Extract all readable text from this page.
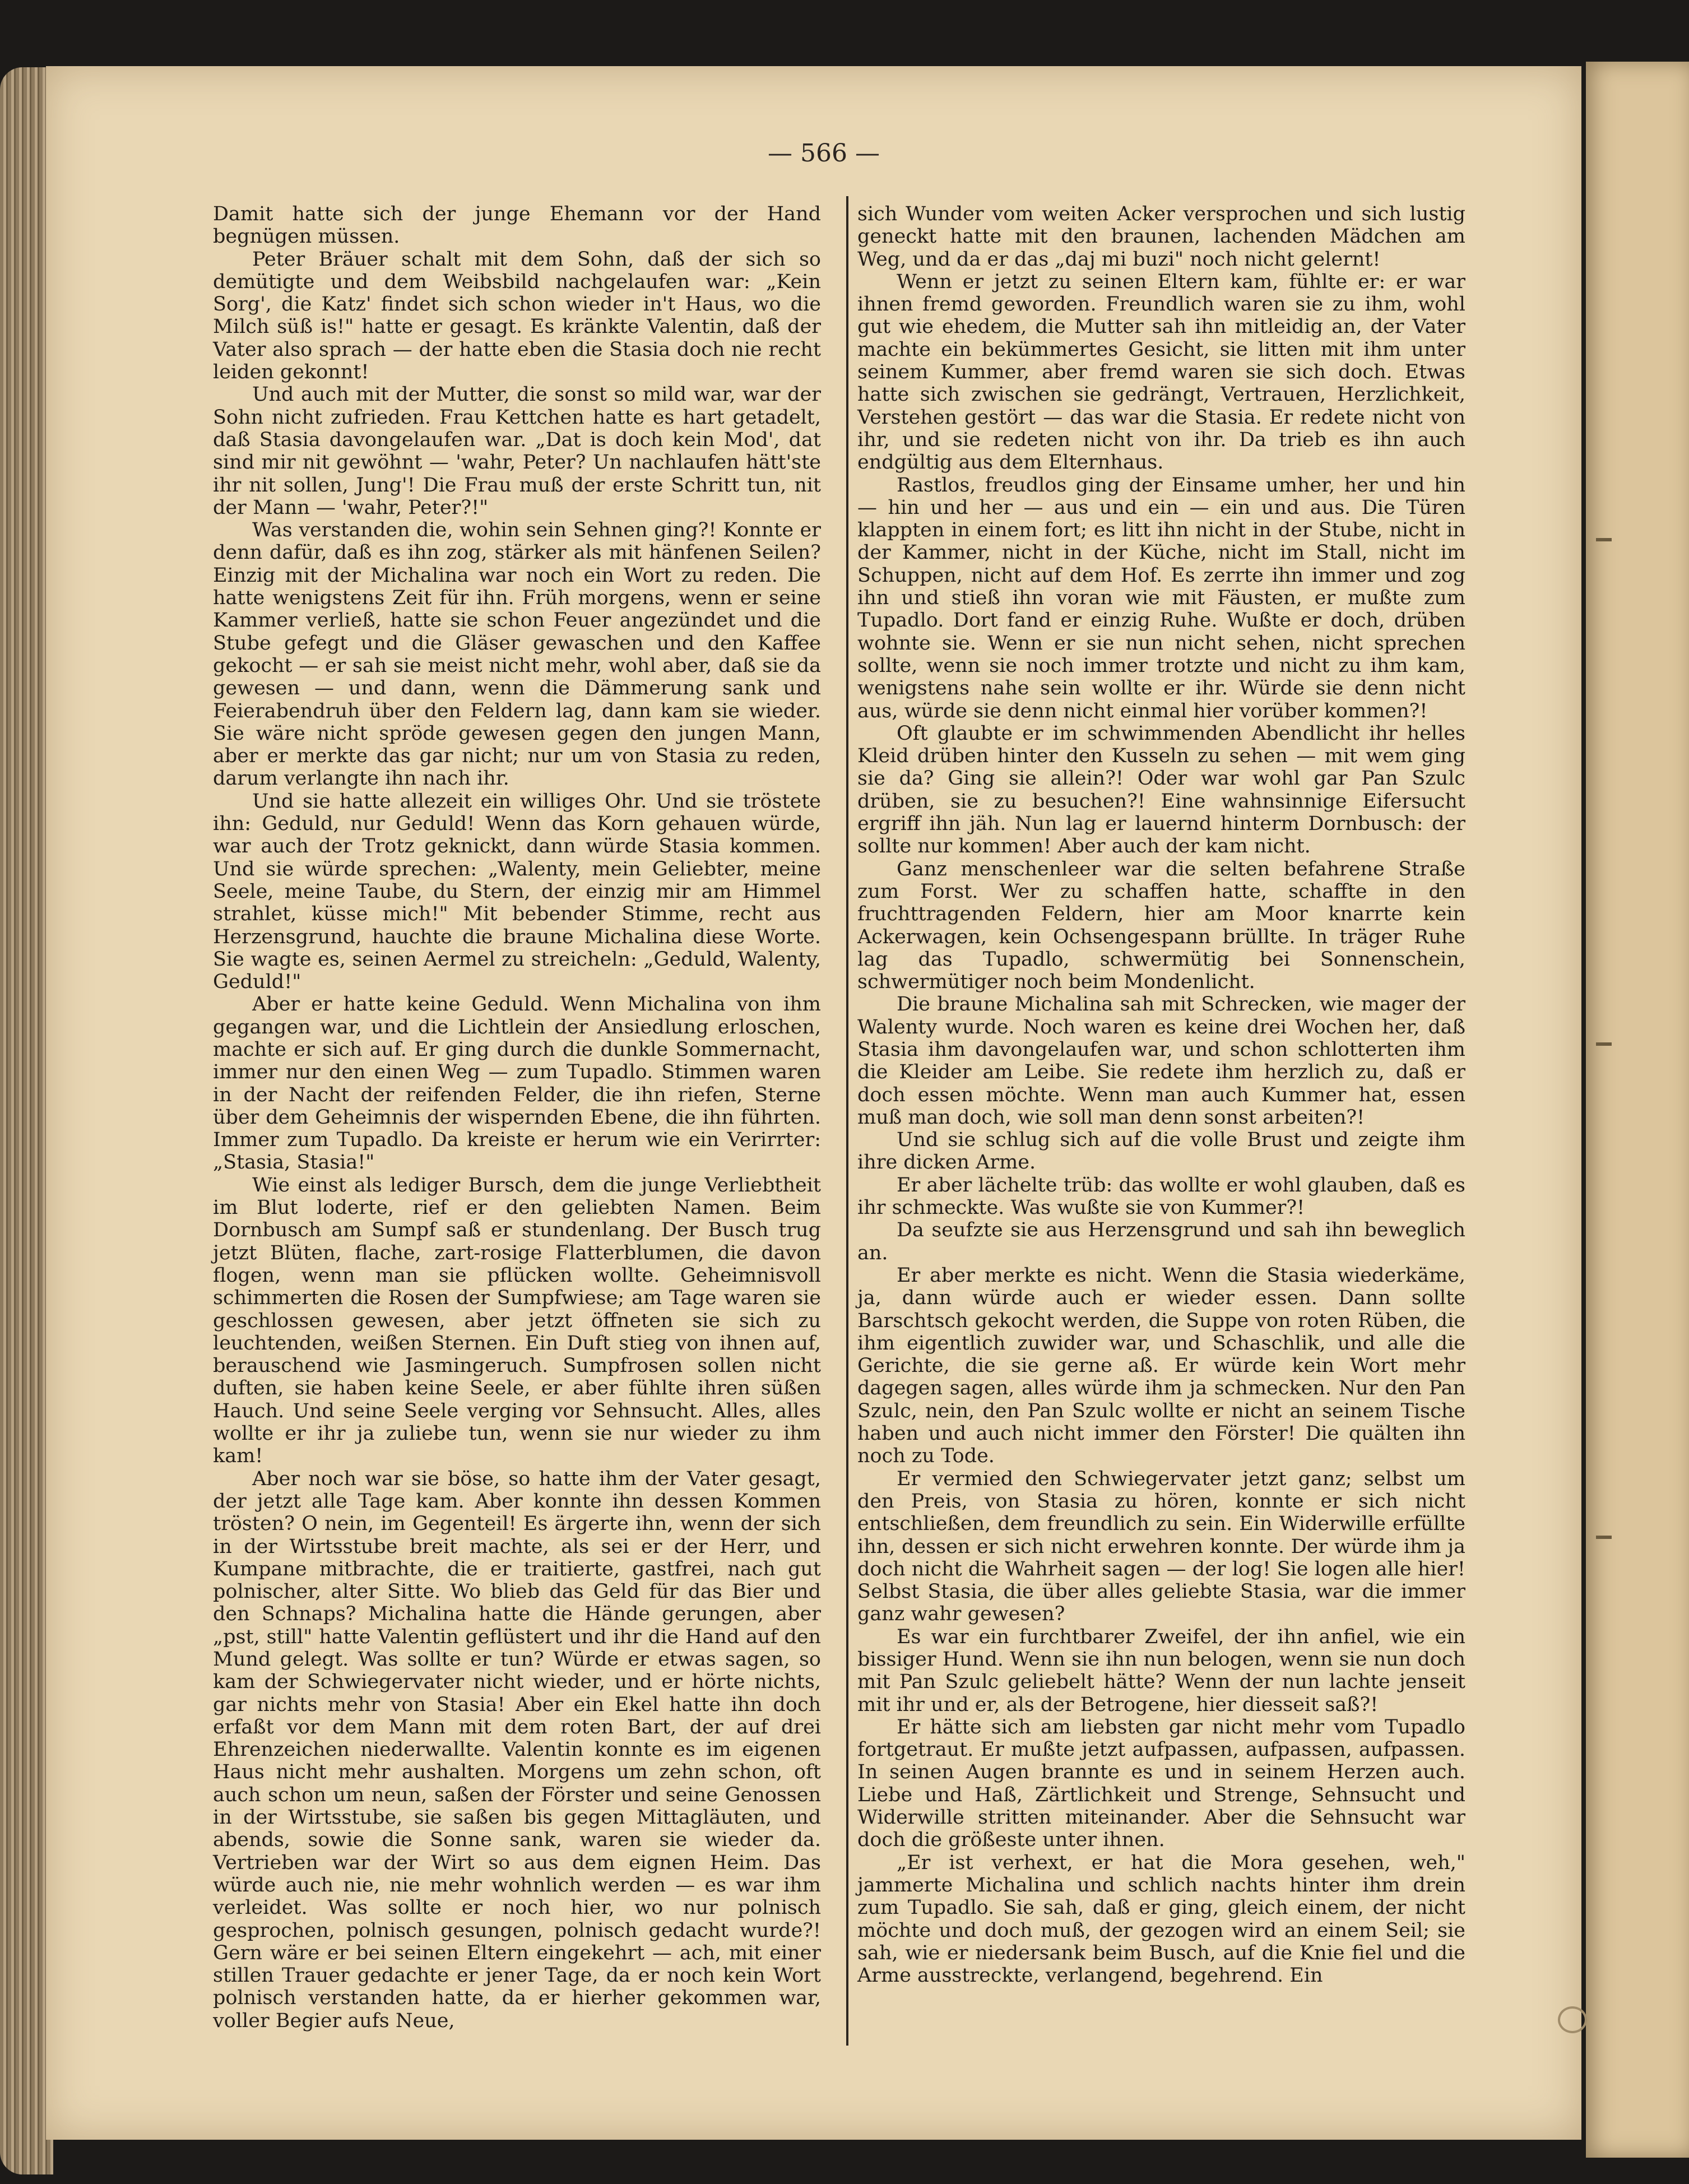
— 566 —

Damit hatte sich der junge Ehemann vor der Hand begnügen müssen.

Peter Bräuer schalt mit dem Sohn, daß der sich so demütigte und dem Weibsbild nachgelaufen war: „Kein Sorg', die Katz' findet sich schon wieder in't Haus, wo die Milch süß is!" hatte er gesagt. Es kränkte Valentin, daß der Vater also sprach — der hatte eben die Stasia doch nie recht leiden gekonnt!

Und auch mit der Mutter, die sonst so mild war, war der Sohn nicht zufrieden. Frau Kettchen hatte es hart getadelt, daß Stasia davongelaufen war. „Dat is doch kein Mod', dat sind mir nit gewöhnt — 'wahr, Peter? Un nachlaufen hätt'ste ihr nit sollen, Jung'! Die Frau muß der erste Schritt tun, nit der Mann — 'wahr, Peter?!"

Was verstanden die, wohin sein Sehnen ging?! Konnte er denn dafür, daß es ihn zog, stärker als mit hänfenen Seilen? Einzig mit der Michalina war noch ein Wort zu reden. Die hatte wenigstens Zeit für ihn. Früh morgens, wenn er seine Kammer verließ, hatte sie schon Feuer angezündet und die Stube gefegt und die Gläser gewaschen und den Kaffee gekocht — er sah sie meist nicht mehr, wohl aber, daß sie da gewesen — und dann, wenn die Dämmerung sank und Feierabendruh über den Feldern lag, dann kam sie wieder. Sie wäre nicht spröde gewesen gegen den jungen Mann, aber er merkte das gar nicht; nur um von Stasia zu reden, darum verlangte ihn nach ihr.

Und sie hatte allezeit ein williges Ohr. Und sie tröstete ihn: Geduld, nur Geduld! Wenn das Korn gehauen würde, war auch der Trotz geknickt, dann würde Stasia kommen. Und sie würde sprechen: „Walenty, mein Geliebter, meine Seele, meine Taube, du Stern, der einzig mir am Himmel strahlet, küsse mich!" Mit bebender Stimme, recht aus Herzensgrund, hauchte die braune Michalina diese Worte. Sie wagte es, seinen Aermel zu streicheln: „Geduld, Walenty, Geduld!"

Aber er hatte keine Geduld. Wenn Michalina von ihm gegangen war, und die Lichtlein der Ansiedlung erloschen, machte er sich auf. Er ging durch die dunkle Sommernacht, immer nur den einen Weg — zum Tupadlo. Stimmen waren in der Nacht der reifenden Felder, die ihn riefen, Sterne über dem Geheimnis der wispernden Ebene, die ihn führten. Immer zum Tupadlo. Da kreiste er herum wie ein Verirrter: „Stasia, Stasia!"

Wie einst als lediger Bursch, dem die junge Verliebtheit im Blut loderte, rief er den geliebten Namen. Beim Dornbusch am Sumpf saß er stundenlang. Der Busch trug jetzt Blüten, flache, zart-rosige Flatterblumen, die davon flogen, wenn man sie pflücken wollte. Geheimnisvoll schimmerten die Rosen der Sumpfwiese; am Tage waren sie geschlossen gewesen, aber jetzt öffneten sie sich zu leuchtenden, weißen Sternen. Ein Duft stieg von ihnen auf, berauschend wie Jasmingeruch. Sumpfrosen sollen nicht duften, sie haben keine Seele, er aber fühlte ihren süßen Hauch. Und seine Seele verging vor Sehnsucht. Alles, alles wollte er ihr ja zuliebe tun, wenn sie nur wieder zu ihm kam!

Aber noch war sie böse, so hatte ihm der Vater gesagt, der jetzt alle Tage kam. Aber konnte ihn dessen Kommen trösten? O nein, im Gegenteil! Es ärgerte ihn, wenn der sich in der Wirtsstube breit machte, als sei er der Herr, und Kumpane mitbrachte, die er traitierte, gastfrei, nach gut polnischer, alter Sitte. Wo blieb das Geld für das Bier und den Schnaps? Michalina hatte die Hände gerungen, aber „pst, still" hatte Valentin geflüstert und ihr die Hand auf den Mund gelegt. Was sollte er tun? Würde er etwas sagen, so kam der Schwiegervater nicht wieder, und er hörte nichts, gar nichts mehr von Stasia! Aber ein Ekel hatte ihn doch erfaßt vor dem Mann mit dem roten Bart, der auf drei Ehrenzeichen niederwallte. Valentin konnte es im eigenen Haus nicht mehr aushalten. Morgens um zehn schon, oft auch schon um neun, saßen der Förster und seine Genossen in der Wirtsstube, sie saßen bis gegen Mittagläuten, und abends, sowie die Sonne sank, waren sie wieder da. Vertrieben war der Wirt so aus dem eignen Heim. Das würde auch nie, nie mehr wohnlich werden — es war ihm verleidet. Was sollte er noch hier, wo nur polnisch gesprochen, polnisch gesungen, polnisch gedacht wurde?! Gern wäre er bei seinen Eltern eingekehrt — ach, mit einer stillen Trauer gedachte er jener Tage, da er noch kein Wort polnisch verstanden hatte, da er hierher gekommen war, voller Begier aufs Neue,

sich Wunder vom weiten Acker versprochen und sich lustig geneckt hatte mit den braunen, lachenden Mädchen am Weg, und da er das „daj mi buzi" noch nicht gelernt!

Wenn er jetzt zu seinen Eltern kam, fühlte er: er war ihnen fremd geworden. Freundlich waren sie zu ihm, wohl gut wie ehedem, die Mutter sah ihn mitleidig an, der Vater machte ein bekümmertes Gesicht, sie litten mit ihm unter seinem Kummer, aber fremd waren sie sich doch. Etwas hatte sich zwischen sie gedrängt, Vertrauen, Herzlichkeit, Verstehen gestört — das war die Stasia. Er redete nicht von ihr, und sie redeten nicht von ihr. Da trieb es ihn auch endgültig aus dem Elternhaus.

Rastlos, freudlos ging der Einsame umher, her und hin — hin und her — aus und ein — ein und aus. Die Türen klappten in einem fort; es litt ihn nicht in der Stube, nicht in der Kammer, nicht in der Küche, nicht im Stall, nicht im Schuppen, nicht auf dem Hof. Es zerrte ihn immer und zog ihn und stieß ihn voran wie mit Fäusten, er mußte zum Tupadlo. Dort fand er einzig Ruhe. Wußte er doch, drüben wohnte sie. Wenn er sie nun nicht sehen, nicht sprechen sollte, wenn sie noch immer trotzte und nicht zu ihm kam, wenigstens nahe sein wollte er ihr. Würde sie denn nicht aus, würde sie denn nicht einmal hier vorüber kommen?!

Oft glaubte er im schwimmenden Abendlicht ihr helles Kleid drüben hinter den Kusseln zu sehen — mit wem ging sie da? Ging sie allein?! Oder war wohl gar Pan Szulc drüben, sie zu besuchen?! Eine wahnsinnige Eifersucht ergriff ihn jäh. Nun lag er lauernd hinterm Dornbusch: der sollte nur kommen! Aber auch der kam nicht.

Ganz menschenleer war die selten befahrene Straße zum Forst. Wer zu schaffen hatte, schaffte in den fruchttragenden Feldern, hier am Moor knarrte kein Ackerwagen, kein Ochsengespann brüllte. In träger Ruhe lag das Tupadlo, schwermütig bei Sonnenschein, schwermütiger noch beim Mondenlicht.

Die braune Michalina sah mit Schrecken, wie mager der Walenty wurde. Noch waren es keine drei Wochen her, daß Stasia ihm davongelaufen war, und schon schlotterten ihm die Kleider am Leibe. Sie redete ihm herzlich zu, daß er doch essen möchte. Wenn man auch Kummer hat, essen muß man doch, wie soll man denn sonst arbeiten?!

Und sie schlug sich auf die volle Brust und zeigte ihm ihre dicken Arme.

Er aber lächelte trüb: das wollte er wohl glauben, daß es ihr schmeckte. Was wußte sie von Kummer?!

Da seufzte sie aus Herzensgrund und sah ihn beweglich an.

Er aber merkte es nicht. Wenn die Stasia wiederkäme, ja, dann würde auch er wieder essen. Dann sollte Barschtsch gekocht werden, die Suppe von roten Rüben, die ihm eigentlich zuwider war, und Schaschlik, und alle die Gerichte, die sie gerne aß. Er würde kein Wort mehr dagegen sagen, alles würde ihm ja schmecken. Nur den Pan Szulc, nein, den Pan Szulc wollte er nicht an seinem Tische haben und auch nicht immer den Förster! Die quälten ihn noch zu Tode.

Er vermied den Schwiegervater jetzt ganz; selbst um den Preis, von Stasia zu hören, konnte er sich nicht entschließen, dem freundlich zu sein. Ein Widerwille erfüllte ihn, dessen er sich nicht erwehren konnte. Der würde ihm ja doch nicht die Wahrheit sagen — der log! Sie logen alle hier! Selbst Stasia, die über alles geliebte Stasia, war die immer ganz wahr gewesen?

Es war ein furchtbarer Zweifel, der ihn anfiel, wie ein bissiger Hund. Wenn sie ihn nun belogen, wenn sie nun doch mit Pan Szulc geliebelt hätte? Wenn der nun lachte jenseit mit ihr und er, als der Betrogene, hier diesseit saß?!

Er hätte sich am liebsten gar nicht mehr vom Tupadlo fortgetraut. Er mußte jetzt aufpassen, aufpassen, aufpassen. In seinen Augen brannte es und in seinem Herzen auch. Liebe und Haß, Zärtlichkeit und Strenge, Sehnsucht und Widerwille stritten miteinander. Aber die Sehnsucht war doch die größeste unter ihnen.

„Er ist verhext, er hat die Mora gesehen, weh," jammerte Michalina und schlich nachts hinter ihm drein zum Tupadlo. Sie sah, daß er ging, gleich einem, der nicht möchte und doch muß, der gezogen wird an einem Seil; sie sah, wie er niedersank beim Busch, auf die Knie fiel und die Arme ausstreckte, verlangend, begehrend. Ein
